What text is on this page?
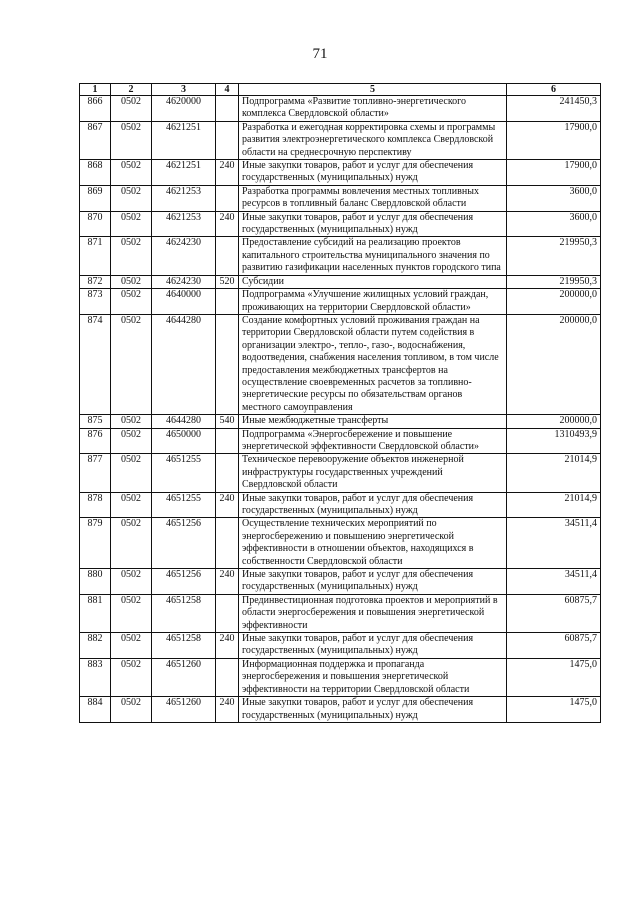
71
1	2	3	4	5	6
866	0502	4620000		Подпрограмма «Развитие топливно-энергетического комплекса Свердловской области»	241450,3
867	0502	4621251		Разработка и ежегодная корректировка схемы и программы развития электроэнергетического комплекса Свердловской области на среднесрочную перспективу	17900,0
868	0502	4621251	240	Иные закупки товаров, работ и услуг для обеспечения государственных (муниципальных) нужд	17900,0
869	0502	4621253		Разработка программы вовлечения местных топливных ресурсов в топливный баланс Свердловской области	3600,0
870	0502	4621253	240	Иные закупки товаров, работ и услуг для обеспечения государственных (муниципальных) нужд	3600,0
871	0502	4624230		Предоставление субсидий на реализацию проектов капитального строительства муниципального значения по развитию газификации населенных пунктов городского типа	219950,3
872	0502	4624230	520	Субсидии	219950,3
873	0502	4640000		Подпрограмма «Улучшение жилищных условий граждан, проживающих на территории Свердловской области»	200000,0
874	0502	4644280		Создание комфортных условий проживания граждан на территории Свердловской области путем содействия в организации электро-, тепло-, газо-, водоснабжения, водоотведения, снабжения населения топливом, в том числе предоставления межбюджетных трансфертов на осуществление своевременных расчетов за топливно-энергетические ресурсы по обязательствам органов местного самоуправления	200000,0
875	0502	4644280	540	Иные межбюджетные трансферты	200000,0
876	0502	4650000		Подпрограмма «Энергосбережение и повышение энергетической эффективности Свердловской области»	1310493,9
877	0502	4651255		Техническое перевооружение объектов инженерной инфраструктуры государственных учреждений Свердловской области	21014,9
878	0502	4651255	240	Иные закупки товаров, работ и услуг для обеспечения государственных (муниципальных) нужд	21014,9
879	0502	4651256		Осуществление технических мероприятий по энергосбережению и повышению энергетической эффективности в отношении объектов, находящихся в собственности Свердловской области	34511,4
880	0502	4651256	240	Иные закупки товаров, работ и услуг для обеспечения государственных (муниципальных) нужд	34511,4
881	0502	4651258		Прединвестиционная подготовка проектов и мероприятий в области энергосбережения и повышения энергетической эффективности	60875,7
882	0502	4651258	240	Иные закупки товаров, работ и услуг для обеспечения государственных (муниципальных) нужд	60875,7
883	0502	4651260		Информационная поддержка и пропаганда энергосбережения и повышения энергетической эффективности на территории Свердловской области	1475,0
884	0502	4651260	240	Иные закупки товаров, работ и услуг для обеспечения государственных (муниципальных) нужд	1475,0
